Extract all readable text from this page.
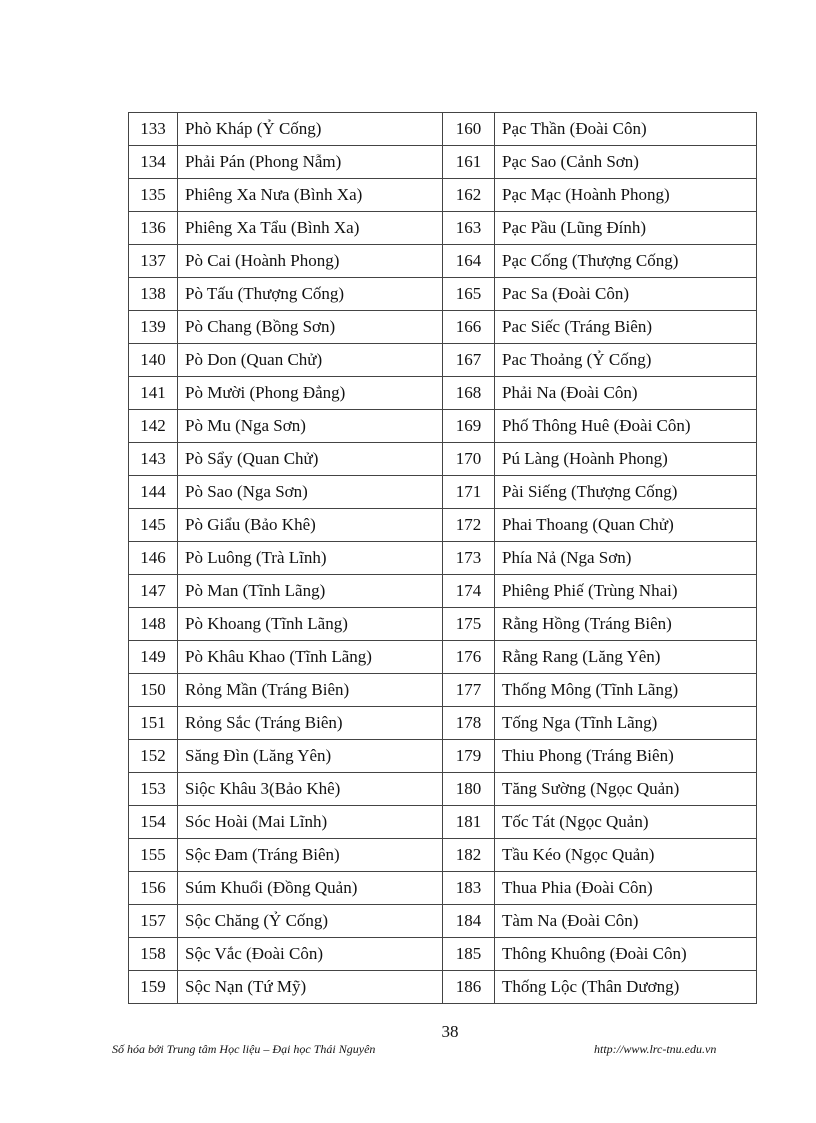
133	Phò Kháp (Ỷ Cống)	160	Pạc Thần (Đoài Côn)
134	Phải Pán (Phong Nẫm)	161	Pạc Sao (Cảnh Sơn)
135	Phiêng Xa Nưa (Bình Xa)	162	Pạc Mạc (Hoành Phong)
136	Phiêng Xa Tẩu (Bình Xa)	163	Pạc Pầu (Lũng Đính)
137	Pò Cai (Hoành Phong)	164	Pạc Cống (Thượng Cống)
138	Pò Tấu (Thượng Cống)	165	Pac Sa (Đoài Côn)
139	Pò Chang (Bồng Sơn)	166	Pac Siếc (Tráng Biên)
140	Pò Don (Quan Chử)	167	Pac Thoảng (Ỷ Cống)
141	Pò Mười (Phong Đẳng)	168	Phải Na (Đoài Côn)
142	Pò Mu (Nga Sơn)	169	Phố Thông Huê (Đoài Côn)
143	Pò Sẩy (Quan Chử)	170	Pú Làng (Hoành Phong)
144	Pò Sao (Nga Sơn)	171	Pài Siếng (Thượng Cống)
145	Pò Giẩu (Bảo Khê)	172	Phai Thoang (Quan Chử)
146	Pò Luông (Trà Lĩnh)	173	Phía Nả (Nga Sơn)
147	Pò Man (Tĩnh Lãng)	174	Phiêng Phiế (Trùng Nhai)
148	Pò Khoang (Tĩnh Lãng)	175	Rằng Hồng (Tráng Biên)
149	Pò Khâu Khao (Tĩnh Lãng)	176	Rằng Rang (Lăng Yên)
150	Rỏng Mần (Tráng Biên)	177	Thống Mông (Tĩnh Lãng)
151	Rỏng Sắc (Tráng Biên)	178	Tống Nga (Tĩnh Lãng)
152	Săng Đìn (Lăng Yên)	179	Thiu Phong (Tráng Biên)
153	Siộc Khâu 3(Bảo Khê)	180	Tăng Sường (Ngọc Quản)
154	Sóc Hoài (Mai Lĩnh)	181	Tốc Tát (Ngọc Quản)
155	Sộc Đam (Tráng Biên)	182	Tầu Kéo (Ngọc Quản)
156	Súm Khuổi (Đồng Quản)	183	Thua Phia (Đoài Côn)
157	Sộc Chăng (Ỷ Cống)	184	Tàm Na (Đoài Côn)
158	Sộc Vắc (Đoài Côn)	185	Thông Khuông (Đoài Côn)
159	Sộc Nạn (Tứ Mỹ)	186	Thống Lộc (Thân Dương)
38
Số hóa bởi Trung tâm Học liệu – Đại học Thái Nguyên	http://www.lrc-tnu.edu.vn
